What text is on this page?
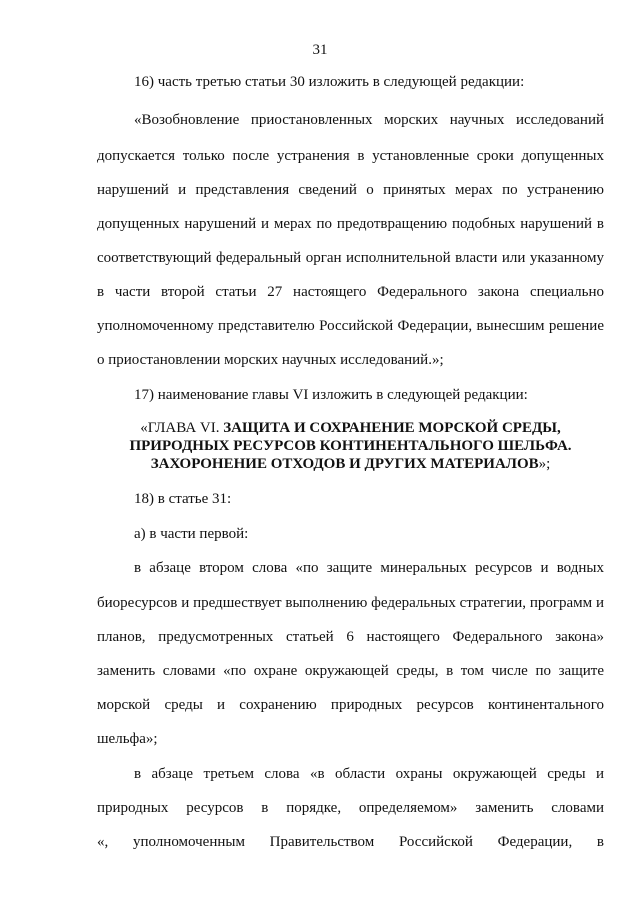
31
16) часть третью статьи 30 изложить в следующей редакции:
«Возобновление приостановленных морских научных исследований
допускается только после устранения в установленные сроки допущенных
нарушений и представления сведений о принятых мерах по устранению
допущенных нарушений и мерах по предотвращению подобных нарушений в
соответствующий федеральный орган исполнительной власти или указанному
в части второй статьи 27 настоящего Федерального закона специально
уполномоченному представителю Российской Федерации, вынесшим решение
о приостановлении морских научных исследований.»;
17) наименование главы VI изложить в следующей редакции:
«ГЛАВА VI. ЗАЩИТА И СОХРАНЕНИЕ МОРСКОЙ СРЕДЫ,
ПРИРОДНЫХ РЕСУРСОВ КОНТИНЕНТАЛЬНОГО ШЕЛЬФА.
ЗАХОРОНЕНИЕ ОТХОДОВ И ДРУГИХ МАТЕРИАЛОВ»;
18) в статье 31:
а) в части первой:
в абзаце втором слова «по защите минеральных ресурсов и водных
биоресурсов и предшествует выполнению федеральных стратегии, программ и
планов, предусмотренных статьей 6 настоящего Федерального закона»
заменить словами «по охране окружающей среды, в том числе по защите
морской среды и сохранению природных ресурсов континентального
шельфа»;
в абзаце третьем слова «в области охраны окружающей среды и
природных ресурсов в порядке, определяемом» заменить словами
«, уполномоченным Правительством Российской Федерации, в
